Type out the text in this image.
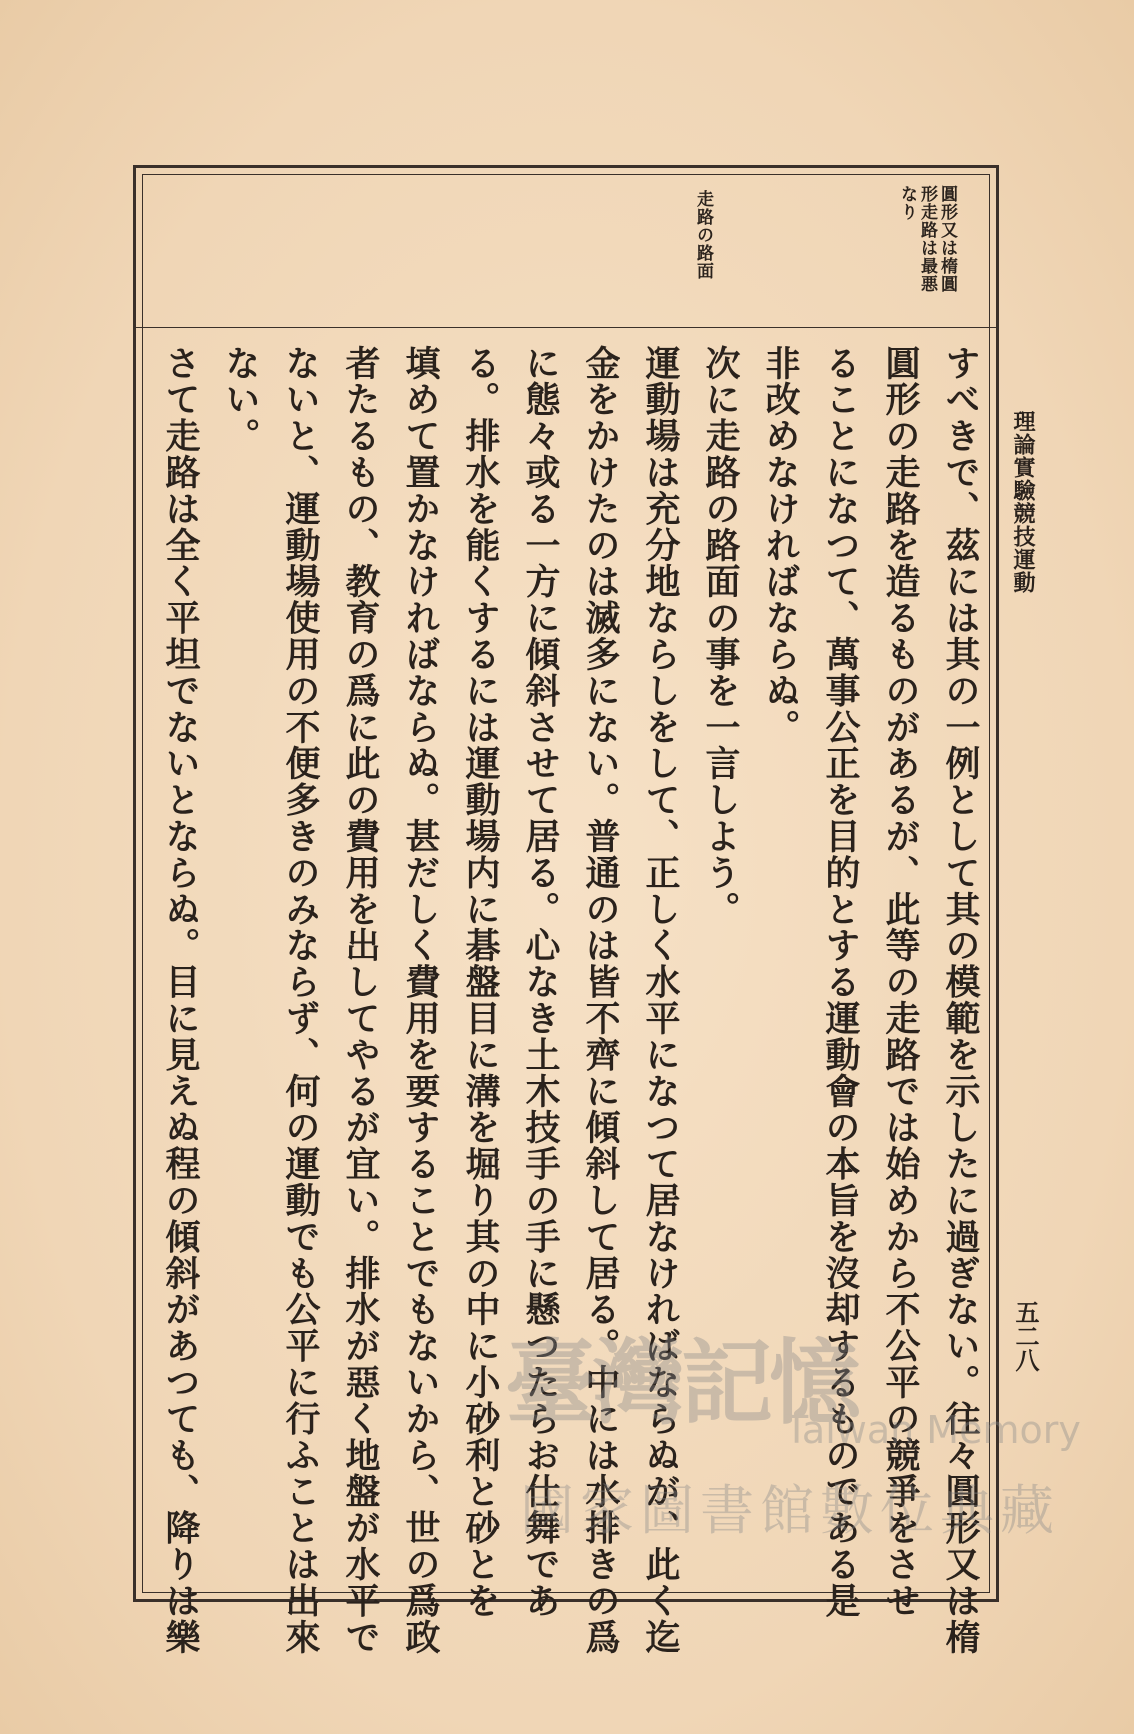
理論實驗競技運動
五二八
圓形又は楕圓
形走路は最悪
なり
走路の路面
すべきで、茲には其の一例として其の模範を示したに過ぎない。往々圓形又は楕
圓形の走路を造るものがあるが、此等の走路では始めから不公平の競爭をさせ
ることになつて、萬事公正を目的とする運動會の本旨を沒却するものである是
非改めなければならぬ。
次に走路の路面の事を一言しよう。
運動場は充分地ならしをして、正しく水平になつて居なければならぬが、此く迄
金をかけたのは滅多にない。普通のは皆不齊に傾斜して居る。中には水排きの爲
に態々或る一方に傾斜させて居る。心なき土木技手の手に懸つたらお仕舞であ
る。排水を能くするには運動場内に碁盤目に溝を堀り其の中に小砂利と砂とを
填めて置かなければならぬ。甚だしく費用を要することでもないから、世の爲政
者たるもの、教育の爲に此の費用を出してやるが宜い。排水が惡く地盤が水平で
ないと、運動場使用の不便多きのみならず、何の運動でも公平に行ふことは出來
ない。
さて走路は全く平坦でないとならぬ。目に見えぬ程の傾斜があつても、降りは樂	臺灣記憶
Taiwan Memory
國家圖書館數位典藏
